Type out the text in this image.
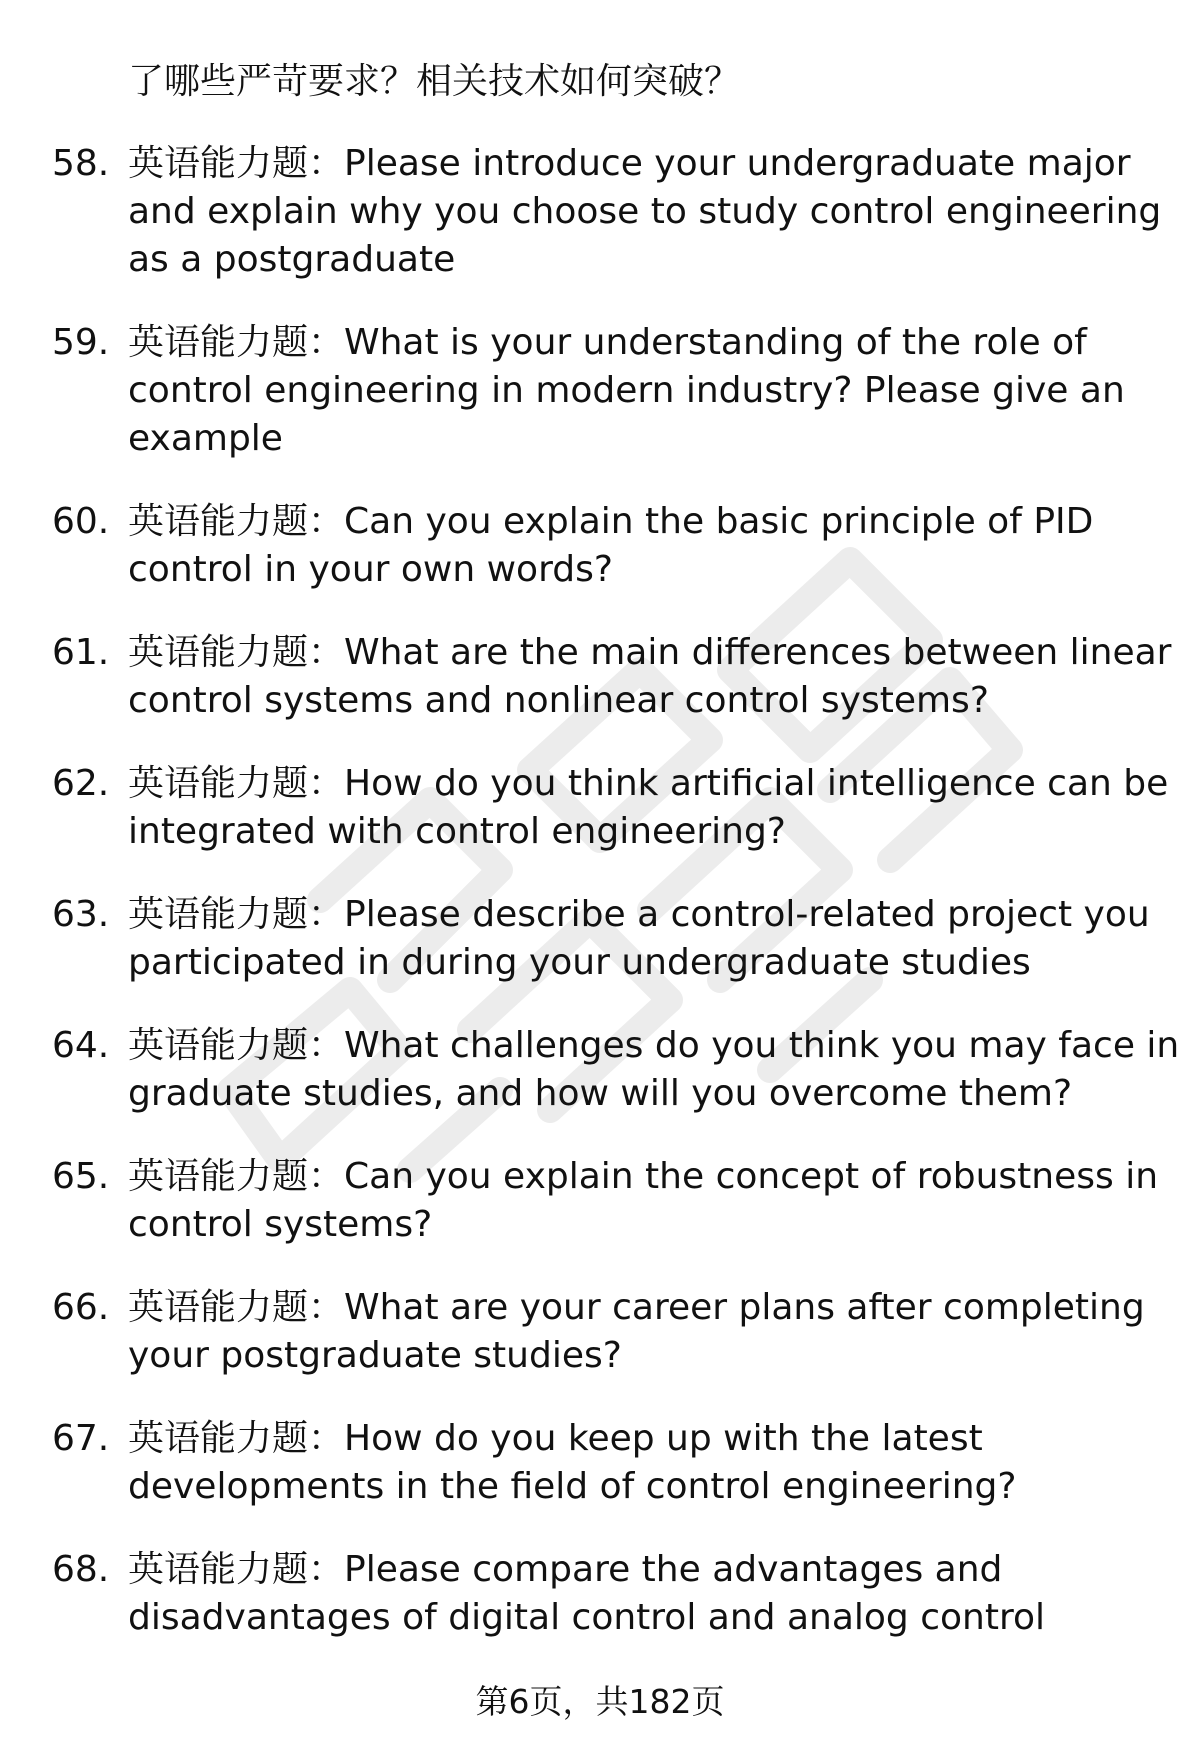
了哪些严苛要求？相关技术如何突破？
58. 英语能力题：Please introduce your undergraduate major
and explain why you choose to study control engineering
as a postgraduate
59. 英语能力题：What is your understanding of the role of
control engineering in modern industry? Please give an
example
60. 英语能力题：Can you explain the basic principle of PID
control in your own words?
61. 英语能力题：What are the main differences between linear
control systems and nonlinear control systems?
62. 英语能力题：How do you think artificial intelligence can be
integrated with control engineering?
63. 英语能力题：Please describe a control-related project you
participated in during your undergraduate studies
64. 英语能力题：What challenges do you think you may face in
graduate studies, and how will you overcome them?
65. 英语能力题：Can you explain the concept of robustness in
control systems?
66. 英语能力题：What are your career plans after completing
your postgraduate studies?
67. 英语能力题：How do you keep up with the latest
developments in the field of control engineering?
68. 英语能力题：Please compare the advantages and
disadvantages of digital control and analog control
第6页，共182页
